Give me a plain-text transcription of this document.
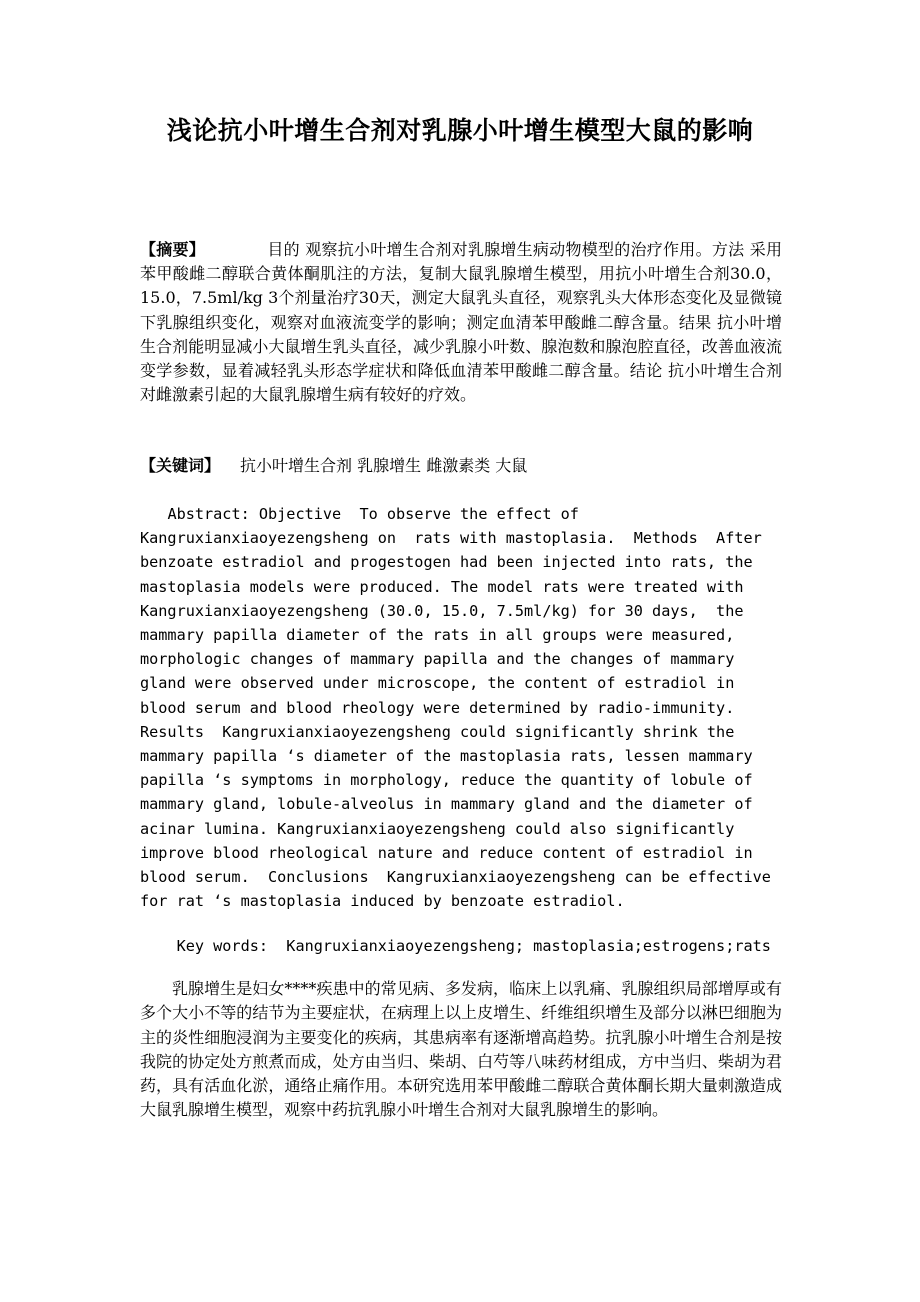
浅论抗小叶增生合剂对乳腺小叶增生模型大鼠的影响
【摘要】	目的 观察抗小叶增生合剂对乳腺增生病动物模型的治疗作用。方法 采用苯甲酸雌二醇联合黄体酮肌注的方法，复制大鼠乳腺增生模型，用抗小叶增生合剂30.0，15.0，7.5ml/kg 3个剂量治疗30天，测定大鼠乳头直径，观察乳头大体形态变化及显微镜下乳腺组织变化，观察对血液流变学的影响；测定血清苯甲酸雌二醇含量。结果 抗小叶增生合剂能明显减小大鼠增生乳头直径，减少乳腺小叶数、腺泡数和腺泡腔直径，改善血液流变学参数，显着减轻乳头形态学症状和降低血清苯甲酸雌二醇含量。结论 抗小叶增生合剂对雌激素引起的大鼠乳腺增生病有较好的疗效。
【关键词】 抗小叶增生合剂 乳腺增生 雌激素类 大鼠
Abstract: Objective  To observe the effect of
Kangruxianxiaoyezengsheng on  rats with mastoplasia.  Methods  After
benzoate estradiol and progestogen had been injected into rats, the
mastoplasia models were produced. The model rats were treated with
Kangruxianxiaoyezengsheng (30.0, 15.0, 7.5ml/kg) for 30 days,  the
mammary papilla diameter of the rats in all groups were measured,
morphologic changes of mammary papilla and the changes of mammary
gland were observed under microscope, the content of estradiol in
blood serum and blood rheology were determined by radio-immunity.
Results  Kangruxianxiaoyezengsheng could significantly shrink the
mammary papilla ‘s diameter of the mastoplasia rats, lessen mammary
papilla ‘s symptoms in morphology, reduce the quantity of lobule of
mammary gland, lobule-alveolus in mammary gland and the diameter of
acinar lumina. Kangruxianxiaoyezengsheng could also significantly
improve blood rheological nature and reduce content of estradiol in
blood serum.  Conclusions  Kangruxianxiaoyezengsheng can be effective
for rat ‘s mastoplasia induced by benzoate estradiol.
Key words:  Kangruxianxiaoyezengsheng; mastoplasia;estrogens;rats

乳腺增生是妇女****疾患中的常见病、多发病，临床上以乳痛、乳腺组织局部增厚或有多个大小不等的结节为主要症状，在病理上以上皮增生、纤维组织增生及部分以淋巴细胞为主的炎性细胞浸润为主要变化的疾病，其患病率有逐渐增高趋势。抗乳腺小叶增生合剂是按我院的协定处方煎煮而成，处方由当归、柴胡、白芍等八味药材组成，方中当归、柴胡为君药，具有活血化淤，通络止痛作用。本研究选用苯甲酸雌二醇联合黄体酮长期大量刺激造成大鼠乳腺增生模型，观察中药抗乳腺小叶增生合剂对大鼠乳腺增生的影响。
